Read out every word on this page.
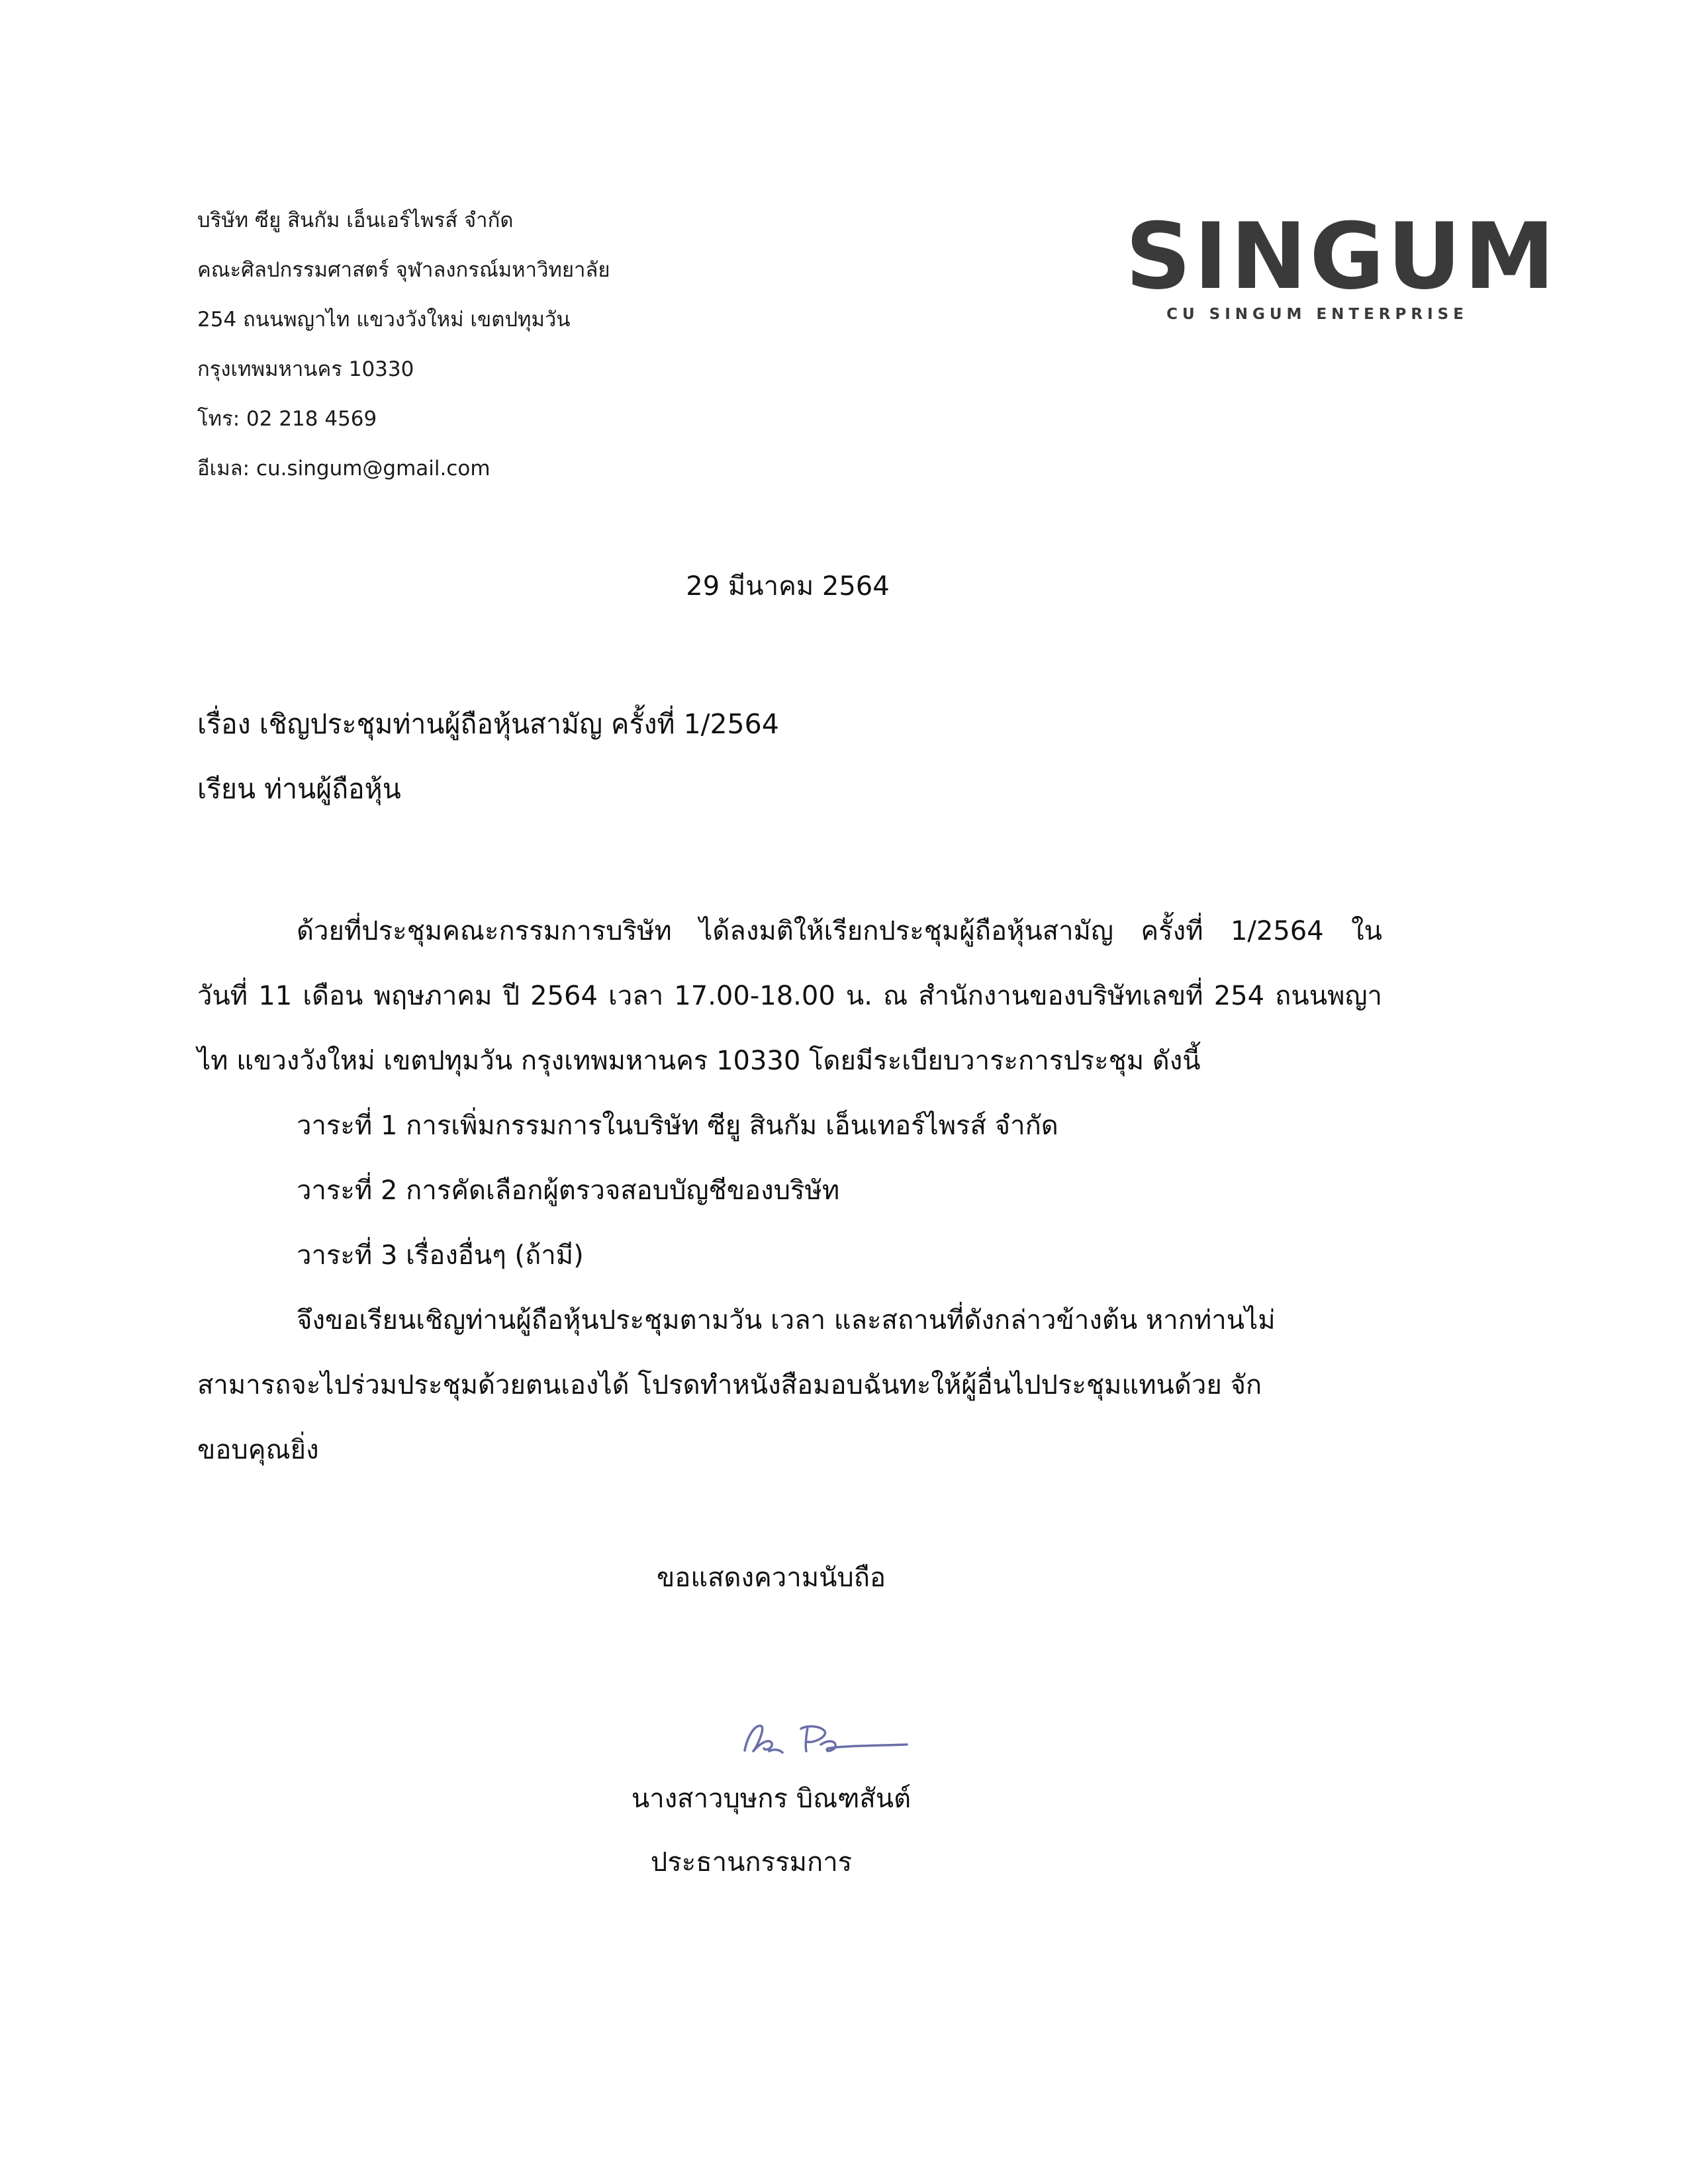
บริษัท ซียู สินกัม เอ็นเอร์ไพรส์ จำกัด
คณะศิลปกรรมศาสตร์ จุฬาลงกรณ์มหาวิทยาลัย
254 ถนนพญาไท แขวงวังใหม่ เขตปทุมวัน
กรุงเทพมหานคร 10330
โทร: 02 218 4569
อีเมล: cu.singum@gmail.com
SINGUM
CU SINGUM ENTERPRISE
29 มีนาคม 2564
เรื่อง เชิญประชุมท่านผู้ถือหุ้นสามัญ ครั้งที่ 1/2564
เรียน ท่านผู้ถือหุ้น
ด้วยที่ประชุมคณะกรรมการบริษัท ได้ลงมติให้เรียกประชุมผู้ถือหุ้นสามัญ ครั้งที่ 1/2564 ใน
วันที่ 11 เดือน พฤษภาคม ปี 2564 เวลา 17.00-18.00 น. ณ สำนักงานของบริษัทเลขที่ 254 ถนนพญา
ไท แขวงวังใหม่ เขตปทุมวัน กรุงเทพมหานคร 10330 โดยมีระเบียบวาระการประชุม ดังนี้
วาระที่ 1 การเพิ่มกรรมการในบริษัท ซียู สินกัม เอ็นเทอร์ไพรส์ จำกัด
วาระที่ 2 การคัดเลือกผู้ตรวจสอบบัญชีของบริษัท
วาระที่ 3 เรื่องอื่นๆ (ถ้ามี)
จึงขอเรียนเชิญท่านผู้ถือหุ้นประชุมตามวัน เวลา และสถานที่ดังกล่าวข้างต้น หากท่านไม่
สามารถจะไปร่วมประชุมด้วยตนเองได้ โปรดทำหนังสือมอบฉันทะให้ผู้อื่นไปประชุมแทนด้วย จัก
ขอบคุณยิ่ง
ขอแสดงความนับถือ
นางสาวบุษกร บิณฑสันต์
ประธานกรรมการ
